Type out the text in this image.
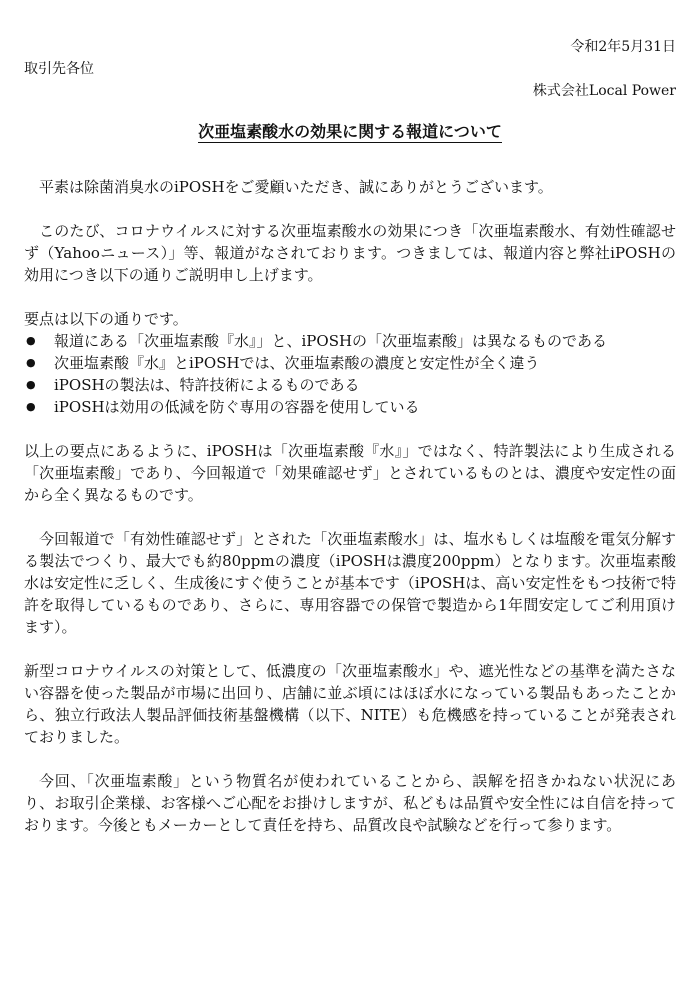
令和2年5月31日
取引先各位
株式会社Local Power
次亜塩素酸水の効果に関する報道について

平素は除菌消臭水のiPOSHをご愛顧いただき、誠にありがとうございます。

このたび、コロナウイルスに対する次亜塩素酸水の効果につき「次亜塩素酸水、有効性確認せず（Yahooニュース）」等、報道がなされております。つきましては、報道内容と弊社iPOSHの効用につき以下の通りご説明申し上げます。

要点は以下の通りです。
● 報道にある「次亜塩素酸『水』」と、iPOSHの「次亜塩素酸」は異なるものである
● 次亜塩素酸『水』とiPOSHでは、次亜塩素酸の濃度と安定性が全く違う
● iPOSHの製法は、特許技術によるものである
● iPOSHは効用の低減を防ぐ専用の容器を使用している

以上の要点にあるように、iPOSHは「次亜塩素酸『水』」ではなく、特許製法により生成される「次亜塩素酸」であり、今回報道で「効果確認せず」とされているものとは、濃度や安定性の面から全く異なるものです。

今回報道で「有効性確認せず」とされた「次亜塩素酸水」は、塩水もしくは塩酸を電気分解する製法でつくり、最大でも約80ppmの濃度（iPOSHは濃度200ppm）となります。次亜塩素酸水は安定性に乏しく、生成後にすぐ使うことが基本です（iPOSHは、高い安定性をもつ技術で特許を取得しているものであり、さらに、専用容器での保管で製造から1年間安定してご利用頂けます）。

新型コロナウイルスの対策として、低濃度の「次亜塩素酸水」や、遮光性などの基準を満たさない容器を使った製品が市場に出回り、店舗に並ぶ頃にはほぼ水になっている製品もあったことから、独立行政法人製品評価技術基盤機構（以下、NITE）も危機感を持っていることが発表されておりました。

今回、「次亜塩素酸」という物質名が使われていることから、誤解を招きかねない状況にあり、お取引企業様、お客様へご心配をお掛けしますが、私どもは品質や安全性には自信を持っております。今後ともメーカーとして責任を持ち、品質改良や試験などを行って参ります。
